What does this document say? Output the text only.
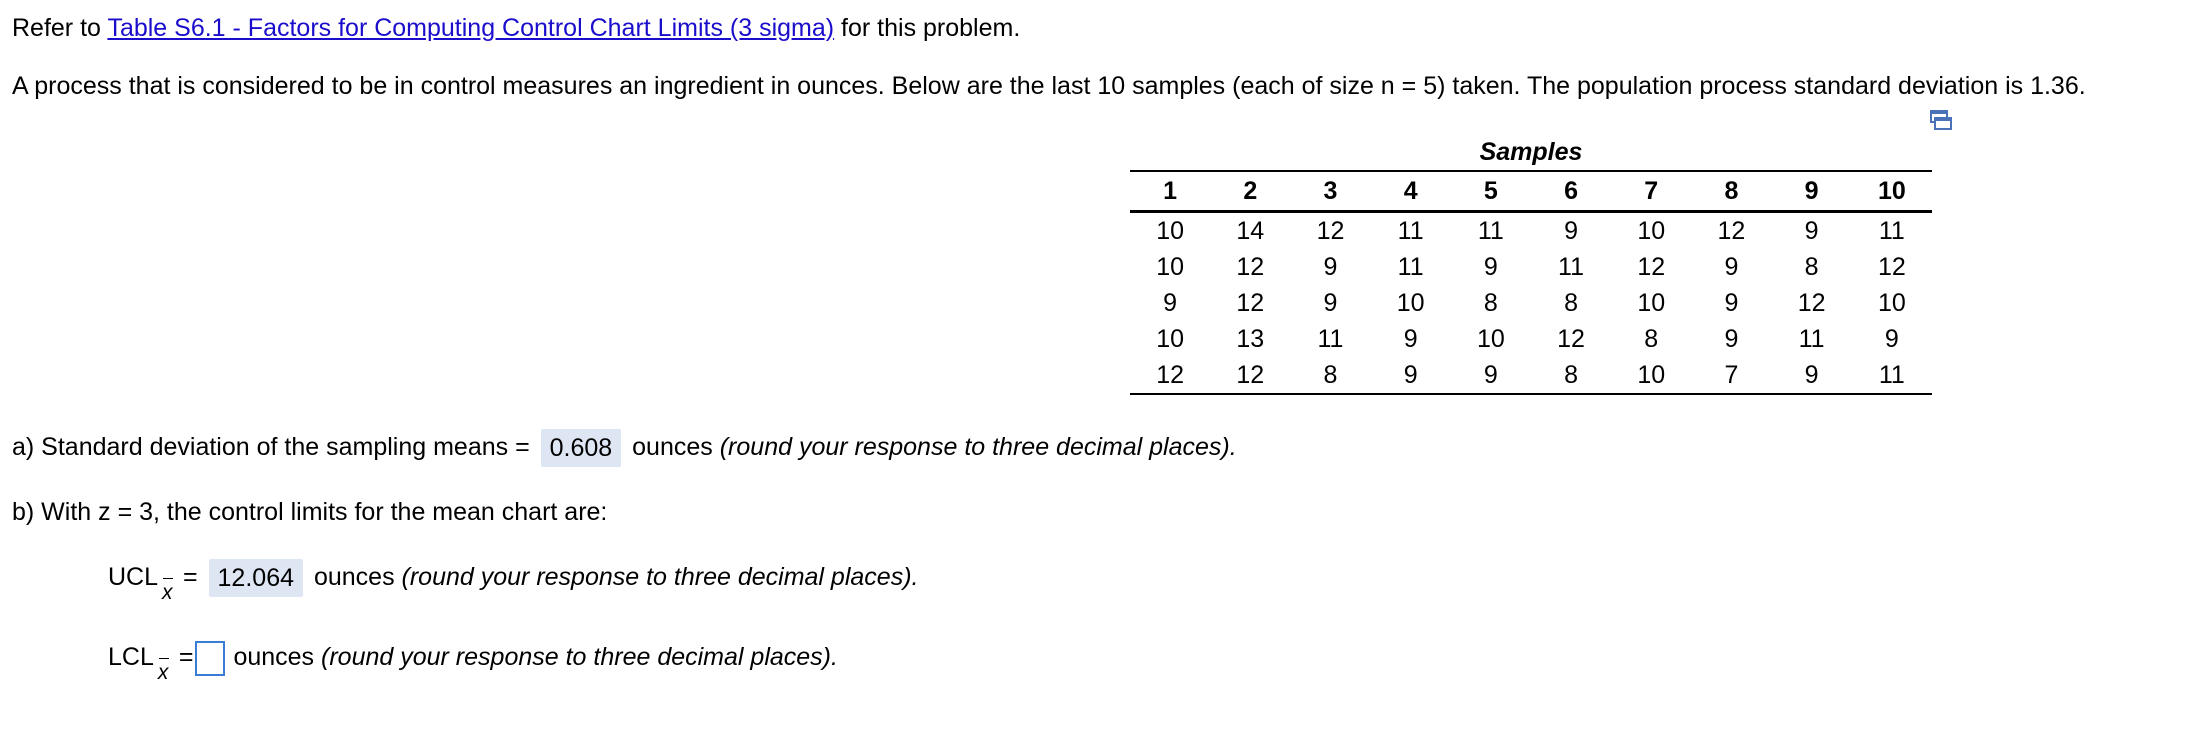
Refer to Table S6.1 - Factors for Computing Control Chart Limits (3 sigma) for this problem.
A process that is considered to be in control measures an ingredient in ounces. Below are the last 10 samples (each of size n = 5) taken. The population process standard deviation is 1.36.
Samples
1	2	3	4	5	6	7	8	9	10
10	14	12	11	11	9	10	12	9	11
10	12	9	11	9	11	12	9	8	12
9	12	9	10	8	8	10	9	12	10
10	13	11	9	10	12	8	9	11	9
12	12	8	9	9	8	10	7	9	11
a) Standard deviation of the sampling means = 0.608 ounces (round your response to three decimal places).
b) With z = 3, the control limits for the mean chart are:
UCL
x
= 12.064 ounces (round your response to three decimal places).
LCL
x
= ounces (round your response to three decimal places).
